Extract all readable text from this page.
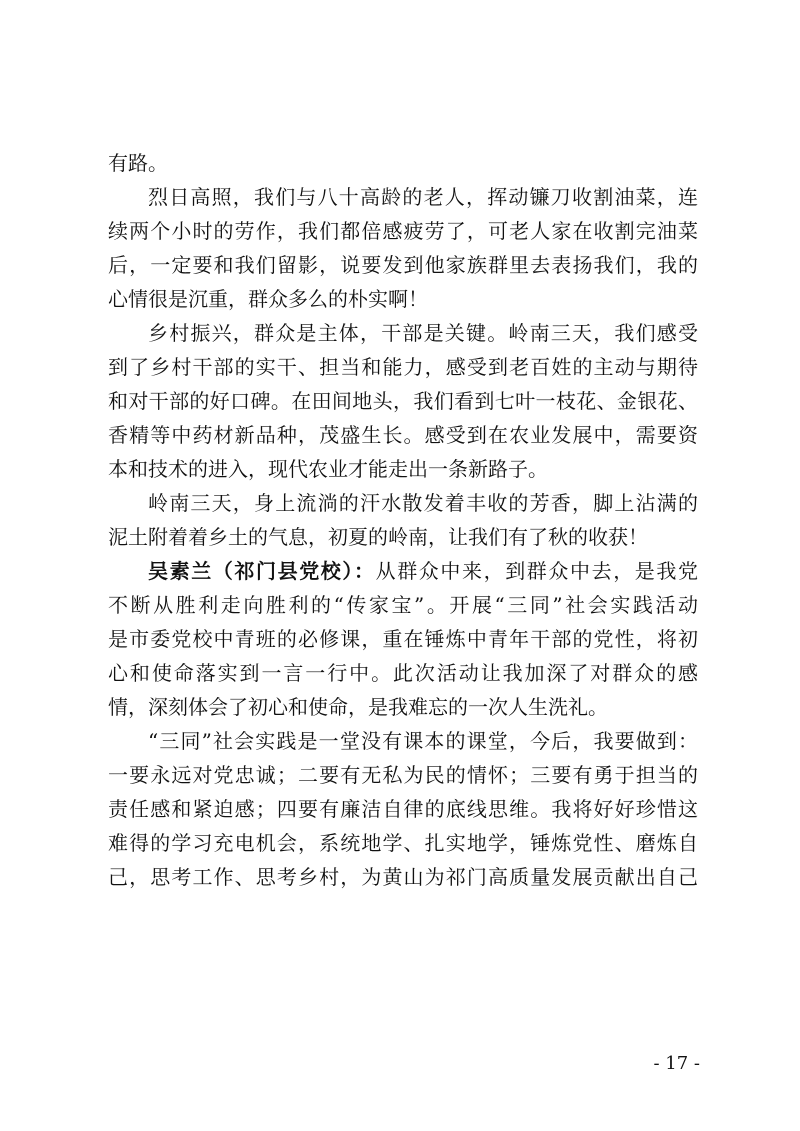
有路。
烈日高照，我们与八十高龄的老人，挥动镰刀收割油菜，连
续两个小时的劳作，我们都倍感疲劳了，可老人家在收割完油菜
后，一定要和我们留影，说要发到他家族群里去表扬我们，我的
心情很是沉重，群众多么的朴实啊！
乡村振兴，群众是主体，干部是关键。岭南三天，我们感受
到了乡村干部的实干、担当和能力，感受到老百姓的主动与期待
和对干部的好口碑。在田间地头，我们看到七叶一枝花、金银花、
香精等中药材新品种，茂盛生长。感受到在农业发展中，需要资
本和技术的进入，现代农业才能走出一条新路子。
岭南三天，身上流淌的汗水散发着丰收的芳香，脚上沾满的
泥土附着着乡土的气息，初夏的岭南，让我们有了秋的收获！
吴素兰（祁门县党校）：从群众中来，到群众中去，是我党
不断从胜利走向胜利的“传家宝”。开展“三同”社会实践活动
是市委党校中青班的必修课，重在锤炼中青年干部的党性，将初
心和使命落实到一言一行中。此次活动让我加深了对群众的感
情，深刻体会了初心和使命，是我难忘的一次人生洗礼。
“三同”社会实践是一堂没有课本的课堂，今后，我要做到：
一要永远对党忠诚；二要有无私为民的情怀；三要有勇于担当的
责任感和紧迫感；四要有廉洁自律的底线思维。我将好好珍惜这
难得的学习充电机会，系统地学、扎实地学，锤炼党性、磨炼自
己，思考工作、思考乡村，为黄山为祁门高质量发展贡献出自己
- 17 -
